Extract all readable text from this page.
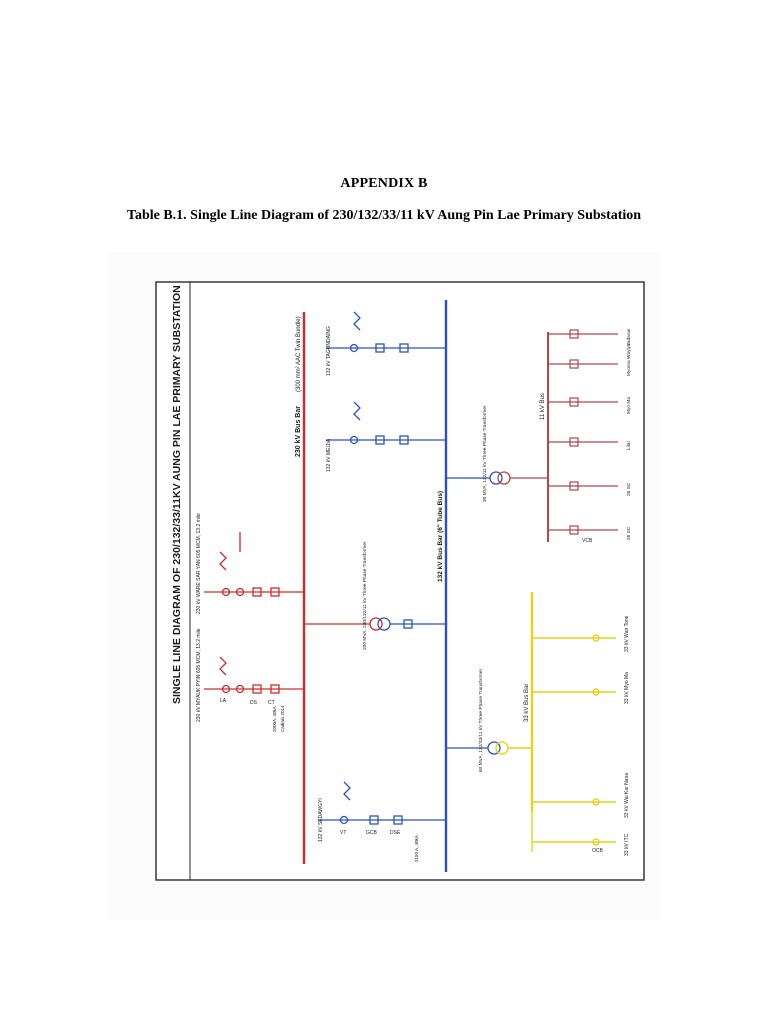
APPENDIX B
Table B.1. Single Line Diagram of 230/132/33/11 kV Aung Pin Lae Primary Substation
SINGLE LINE DIAGRAM OF 230/132/33/11KV AUNG PIN LAE PRIMARY SUBSTATION	230 kV Bus Bar
(300 mm² AAC Twin Bundle)
132 kV Bus Bar (6" Tube Bus)
33 kV Bus Bar
11 kV Bus
230 kV MYAUK PYIN 605 MCM, 13.2 mile
230 kV WARE SAR YAN 605 MCM, 13.2 mile	200 MVA, 230/132/11 kV Three Phase Transformer
132 kV SEDAWGYI
132 kV MEIJIA
132 kV TAGUNDAING
60 MVA, 132/33/11 kV Three Phase Transformer
30 MVA, 132/11 kV Three Phase Transformer
33 kV ITC
33 kV Wai Kar Nana
33 kV Myo Ma
33 kV Wan Tone
26 SC
26 SC
Lilar
Myo Ma
Myoma Wayiya
Yadanar
LA	DS CT
GCB
VT	DSE
OCB
VCB
Cadmis 2014
2000A, 40kA
3150 A, 40kA
